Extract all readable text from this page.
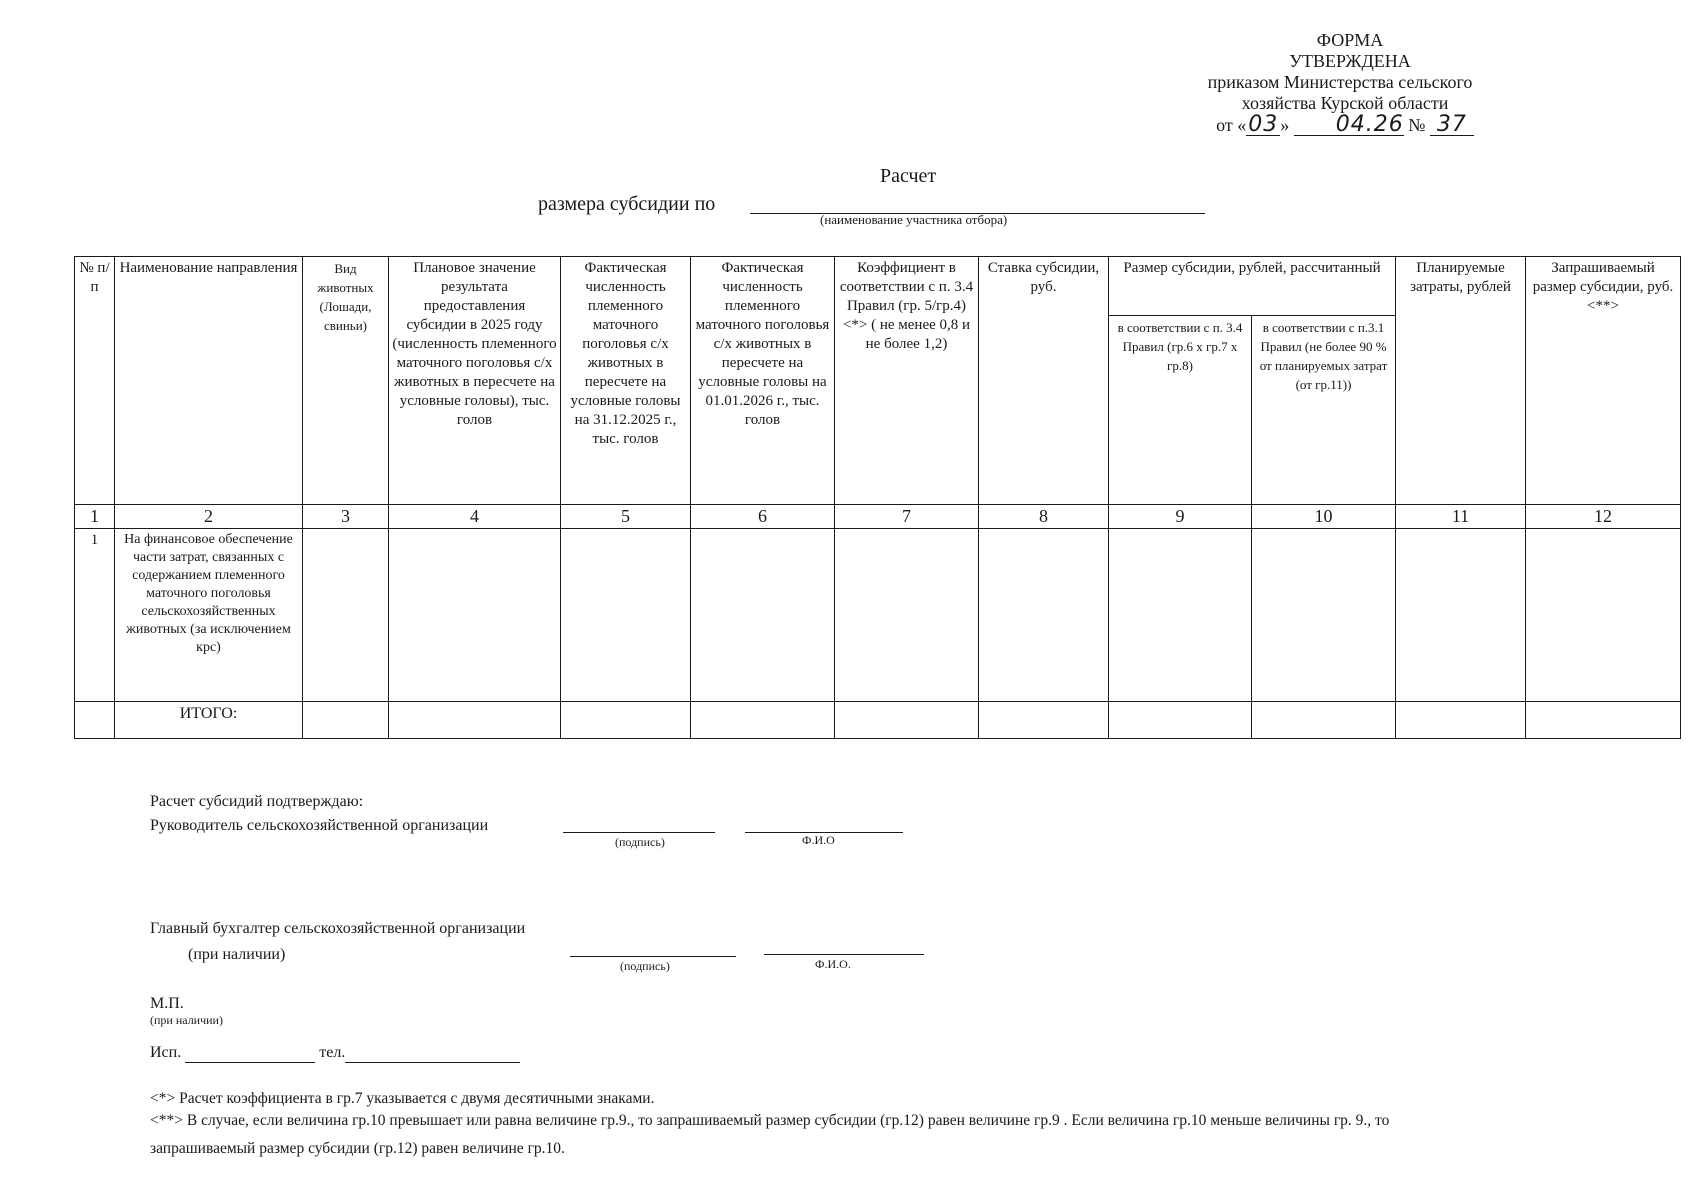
ФОРМА
УТВЕРЖДЕНА
приказом Министерства сельского
хозяйства Курской области
от «03 » 04.26 № 37
Расчет
размера субсидии по
(наименование участника отбора)
№ п/п	Наименование направления	Вид животных (Лошади, свиньи)	Плановое значение результата предоставления субсидии в 2025 году (численность племенного маточного поголовья с/х животных в пересчете на условные головы), тыс. голов	Фактическая численность племенного маточного поголовья с/х животных в пересчете на условные головы на 31.12.2025 г., тыс. голов	Фактическая численность племенного маточного поголовья с/х животных в пересчете на условные головы на 01.01.2026 г., тыс. голов	Коэффициент в соответствии с п. 3.4 Правил (гр. 5/гр.4) <*> ( не менее 0,8 и не более 1,2)	Ставка субсидии, руб.	Размер субсидии, рублей, рассчитанный		Планируемые затраты, рублей	Запрашиваемый размер субсидии, руб. <**>
								в соответствии с п. 3.4 Правил (гр.6 х гр.7 х гр.8)	в соответствии с п.3.1 Правил (не более 90 % от планируемых затрат (от гр.11))		
1	2	3	4	5	6	7	8	9	10	11	12
1	На финансовое обеспечение части затрат, связанных с содержанием племенного маточного поголовья сельскохозяйственных животных (за исключением крс)										
	ИТОГО:										
Расчет субсидий подтверждаю:
Руководитель сельскохозяйственной организации
(подпись)	Ф.И.О
Главный бухгалтер сельскохозяйственной организации
(при наличии)
(подпись)	Ф.И.О.
М.П.
(при наличии)
Исп.	тел.
<*> Расчет коэффициента в гр.7 указывается с двумя десятичными знаками.
<**> В случае, если величина гр.10 превышает или равна величине гр.9., то запрашиваемый размер субсидии (гр.12) равен величине гр.9 . Если величина гр.10 меньше величины гр. 9., то
запрашиваемый размер субсидии (гр.12) равен величине гр.10.
